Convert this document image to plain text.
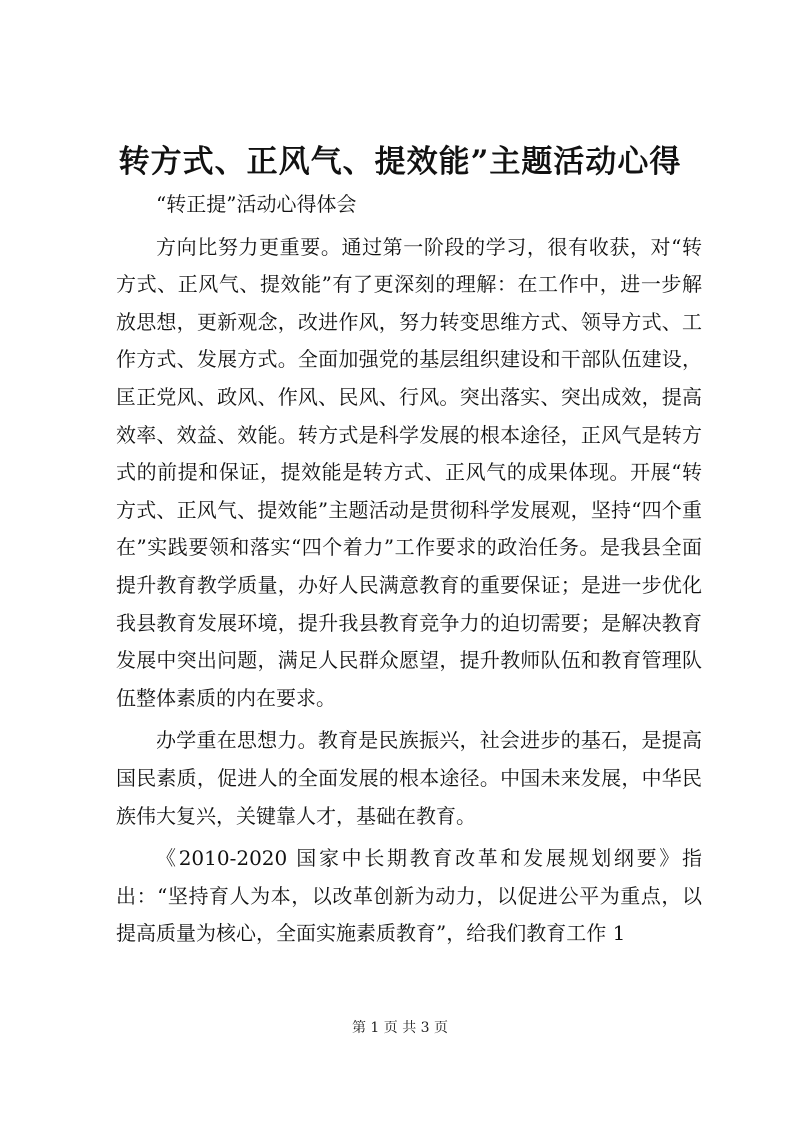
转方式、正风气、提效能”主题活动心得

“转正提”活动心得体会

方向比努力更重要。通过第一阶段的学习，很有收获，对“转方式、正风气、提效能”有了更深刻的理解：在工作中，进一步解放思想，更新观念，改进作风，努力转变思维方式、领导方式、工作方式、发展方式。全面加强党的基层组织建设和干部队伍建设，匡正党风、政风、作风、民风、行风。突出落实、突出成效，提高效率、效益、效能。转方式是科学发展的根本途径，正风气是转方式的前提和保证，提效能是转方式、正风气的成果体现。开展“转方式、正风气、提效能”主题活动是贯彻科学发展观，坚持“四个重在”实践要领和落实“四个着力”工作要求的政治任务。是我县全面提升教育教学质量，办好人民满意教育的重要保证；是进一步优化我县教育发展环境，提升我县教育竞争力的迫切需要；是解决教育发展中突出问题，满足人民群众愿望，提升教师队伍和教育管理队伍整体素质的内在要求。

办学重在思想力。教育是民族振兴，社会进步的基石，是提高国民素质，促进人的全面发展的根本途径。中国未来发展，中华民族伟大复兴，关键靠人才，基础在教育。

《2010-2020 国家中长期教育改革和发展规划纲要》指出：“坚持育人为本，以改革创新为动力，以促进公平为重点，以提高质量为核心，全面实施素质教育”，给我们教育工作 1

第 1 页 共 3 页
